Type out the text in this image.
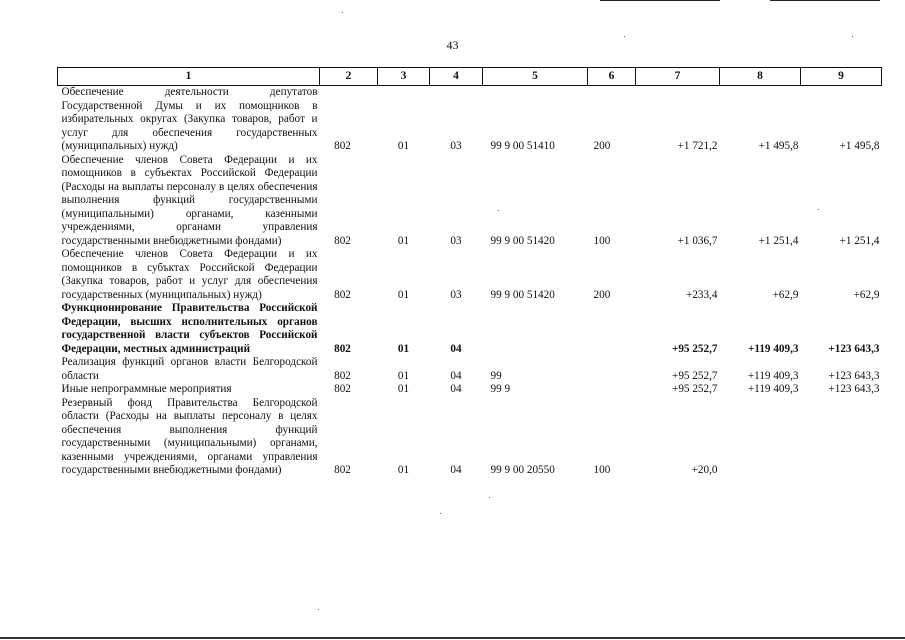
43
1	2	3	4	5	6	7	8	9
Обеспечение деятельности депутатов Государственной Думы и их помощников в избирательных округах (Закупка товаров, работ и услуг для обеспечения государственных (муниципальных) нужд)	802	01	03	99 9 00 51410	200	+1 721,2	+1 495,8	+1 495,8
Обеспечение членов Совета Федерации и их помощников в субъектах Российской Федерации (Расходы на выплаты персоналу в целях обеспечения выполнения функций государственными (муниципальными) органами, казенными учреждениями, органами управления государственными внебюджетными фондами)	802	01	03	99 9 00 51420	100	+1 036,7	+1 251,4	+1 251,4
Обеспечение членов Совета Федерации и их помощников в субъктах Российской Федерации (Закупка товаров, работ и услуг для обеспечения государственных (муниципальных) нужд)	802	01	03	99 9 00 51420	200	+233,4	+62,9	+62,9
Функционирование Правительства Российской Федерации, высших исполнительных органов государственной власти субъектов Российской Федерации, местных администраций	802	01	04			+95 252,7	+119 409,3	+123 643,3
Реализация функций органов власти Белгородской области	802	01	04	99		+95 252,7	+119 409,3	+123 643,3
Иные непрограммные мероприятия	802	01	04	99 9		+95 252,7	+119 409,3	+123 643,3
Резервный фонд Правительства Белгородской области (Расходы на выплаты персоналу в целях обеспечения выполнения функций государственными (муниципальными) органами, казенными учреждениями, органами управления государственными внебюджетными фондами)	802	01	04	99 9 00 20550	100	+20,0		
